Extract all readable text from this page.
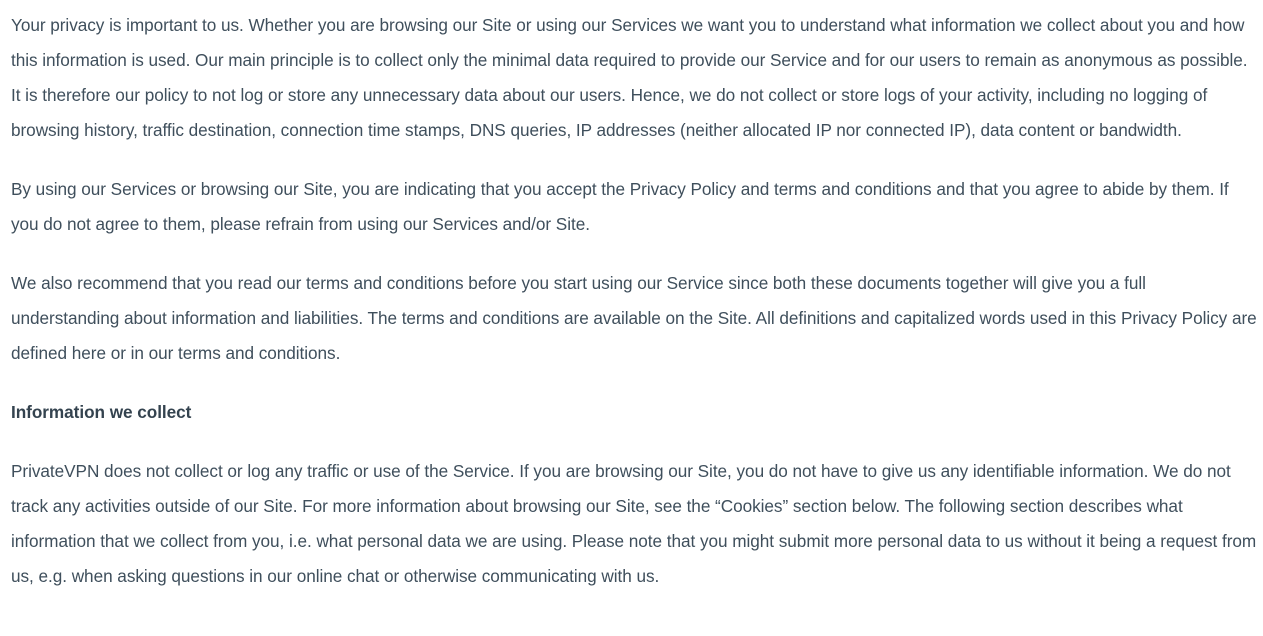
Your privacy is important to us. Whether you are browsing our Site or using our Services we want you to understand what information we collect about you and how this information is used. Our main principle is to collect only the minimal data required to provide our Service and for our users to remain as anonymous as possible. It is therefore our policy to not log or store any unnecessary data about our users. Hence, we do not collect or store logs of your activity, including no logging of browsing history, traffic destination, connection time stamps, DNS queries, IP addresses (neither allocated IP nor connected IP), data content or bandwidth.

By using our Services or browsing our Site, you are indicating that you accept the Privacy Policy and terms and conditions and that you agree to abide by them. If you do not agree to them, please refrain from using our Services and/or Site.

We also recommend that you read our terms and conditions before you start using our Service since both these documents together will give you a full understanding about information and liabilities. The terms and conditions are available on the Site. All definitions and capitalized words used in this Privacy Policy are defined here or in our terms and conditions.

Information we collect

PrivateVPN does not collect or log any traffic or use of the Service. If you are browsing our Site, you do not have to give us any identifiable information. We do not track any activities outside of our Site. For more information about browsing our Site, see the “Cookies” section below. The following section describes what information that we collect from you, i.e. what personal data we are using. Please note that you might submit more personal data to us without it being a request from us, e.g. when asking questions in our online chat or otherwise communicating with us.
